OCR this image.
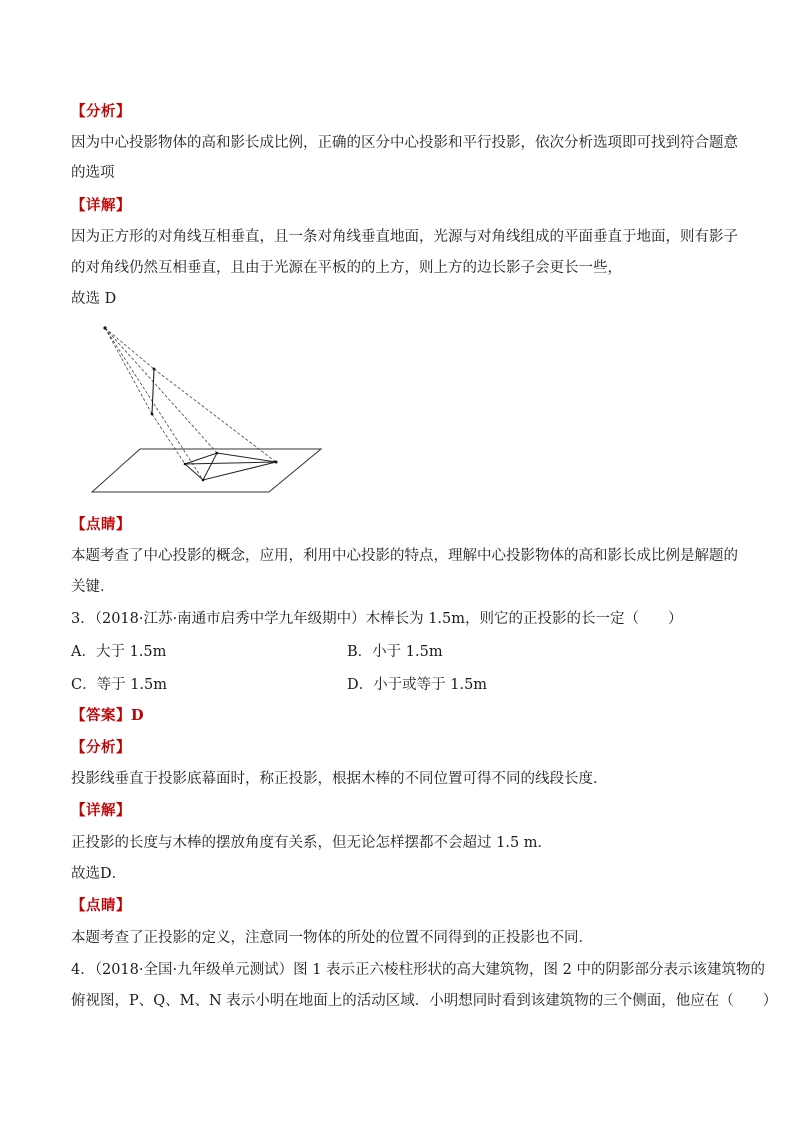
【分析】
因为中心投影物体的高和影长成比例，正确的区分中心投影和平行投影，依次分析选项即可找到符合题意
的选项
【详解】
因为正方形的对角线互相垂直，且一条对角线垂直地面，光源与对角线组成的平面垂直于地面，则有影子
的对角线仍然互相垂直，且由于光源在平板的的上方，则上方的边长影子会更长一些，
故选 D
【点睛】
本题考查了中心投影的概念，应用，利用中心投影的特点，理解中心投影物体的高和影长成比例是解题的
关键．
3．（2018·江苏·南通市启秀中学九年级期中）木棒长为 1.5m，则它的正投影的长一定（　　）
A．大于 1.5m	B．小于 1.5m
C．等于 1.5m	D．小于或等于 1.5m
【答案】D
【分析】
投影线垂直于投影底幕面时，称正投影，根据木棒的不同位置可得不同的线段长度．
【详解】
正投影的长度与木棒的摆放角度有关系，但无论怎样摆都不会超过 1.5 m．
故选D．
【点睛】
本题考查了正投影的定义，注意同一物体的所处的位置不同得到的正投影也不同．
4．（2018·全国·九年级单元测试）图 1 表示正六棱柱形状的高大建筑物，图 2 中的阴影部分表示该建筑物的
俯视图，P、Q、M、N 表示小明在地面上的活动区域．小明想同时看到该建筑物的三个侧面，他应在（　　）
